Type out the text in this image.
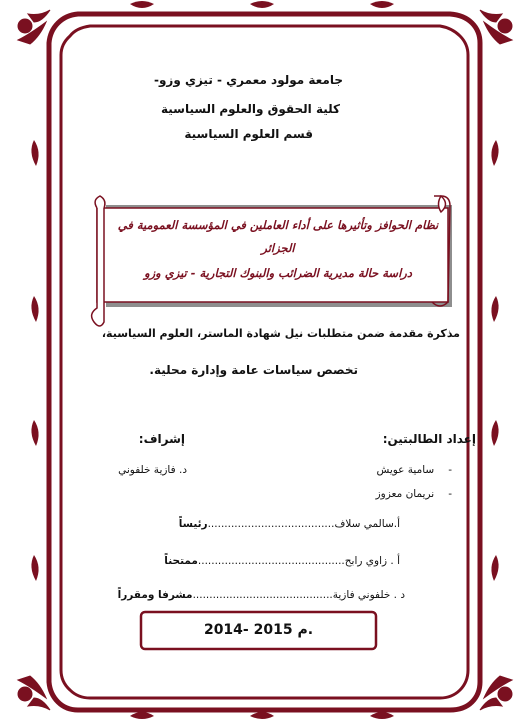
جامعة مولود معمري - تيزي وزو-
كلية الحقوق والعلوم السياسية
قسم العلوم السياسية
نظام الحوافز وتأثيرها على أداء العاملين في المؤسسة العمومية في
الجزائر
دراسة حالة مديرية الضرائب والبنوك التجارية - تيزي وزو
مذكرة مقدمة ضمن متطلبات نيل شهادة الماستر، العلوم السياسية،
تخصص سياسات عامة وإدارة محلية.
إعداد الطالبتين:
-سامية عويش
-نريمان معزوز
إشراف:
د. فازية خلفوني
أ.سالمي سلاف......................................رئيساً
أ . زاوي رابح............................................ممتحناً
د . خلفوني فازية..........................................مشرفا ومقرراً
2014- 2015 م.
